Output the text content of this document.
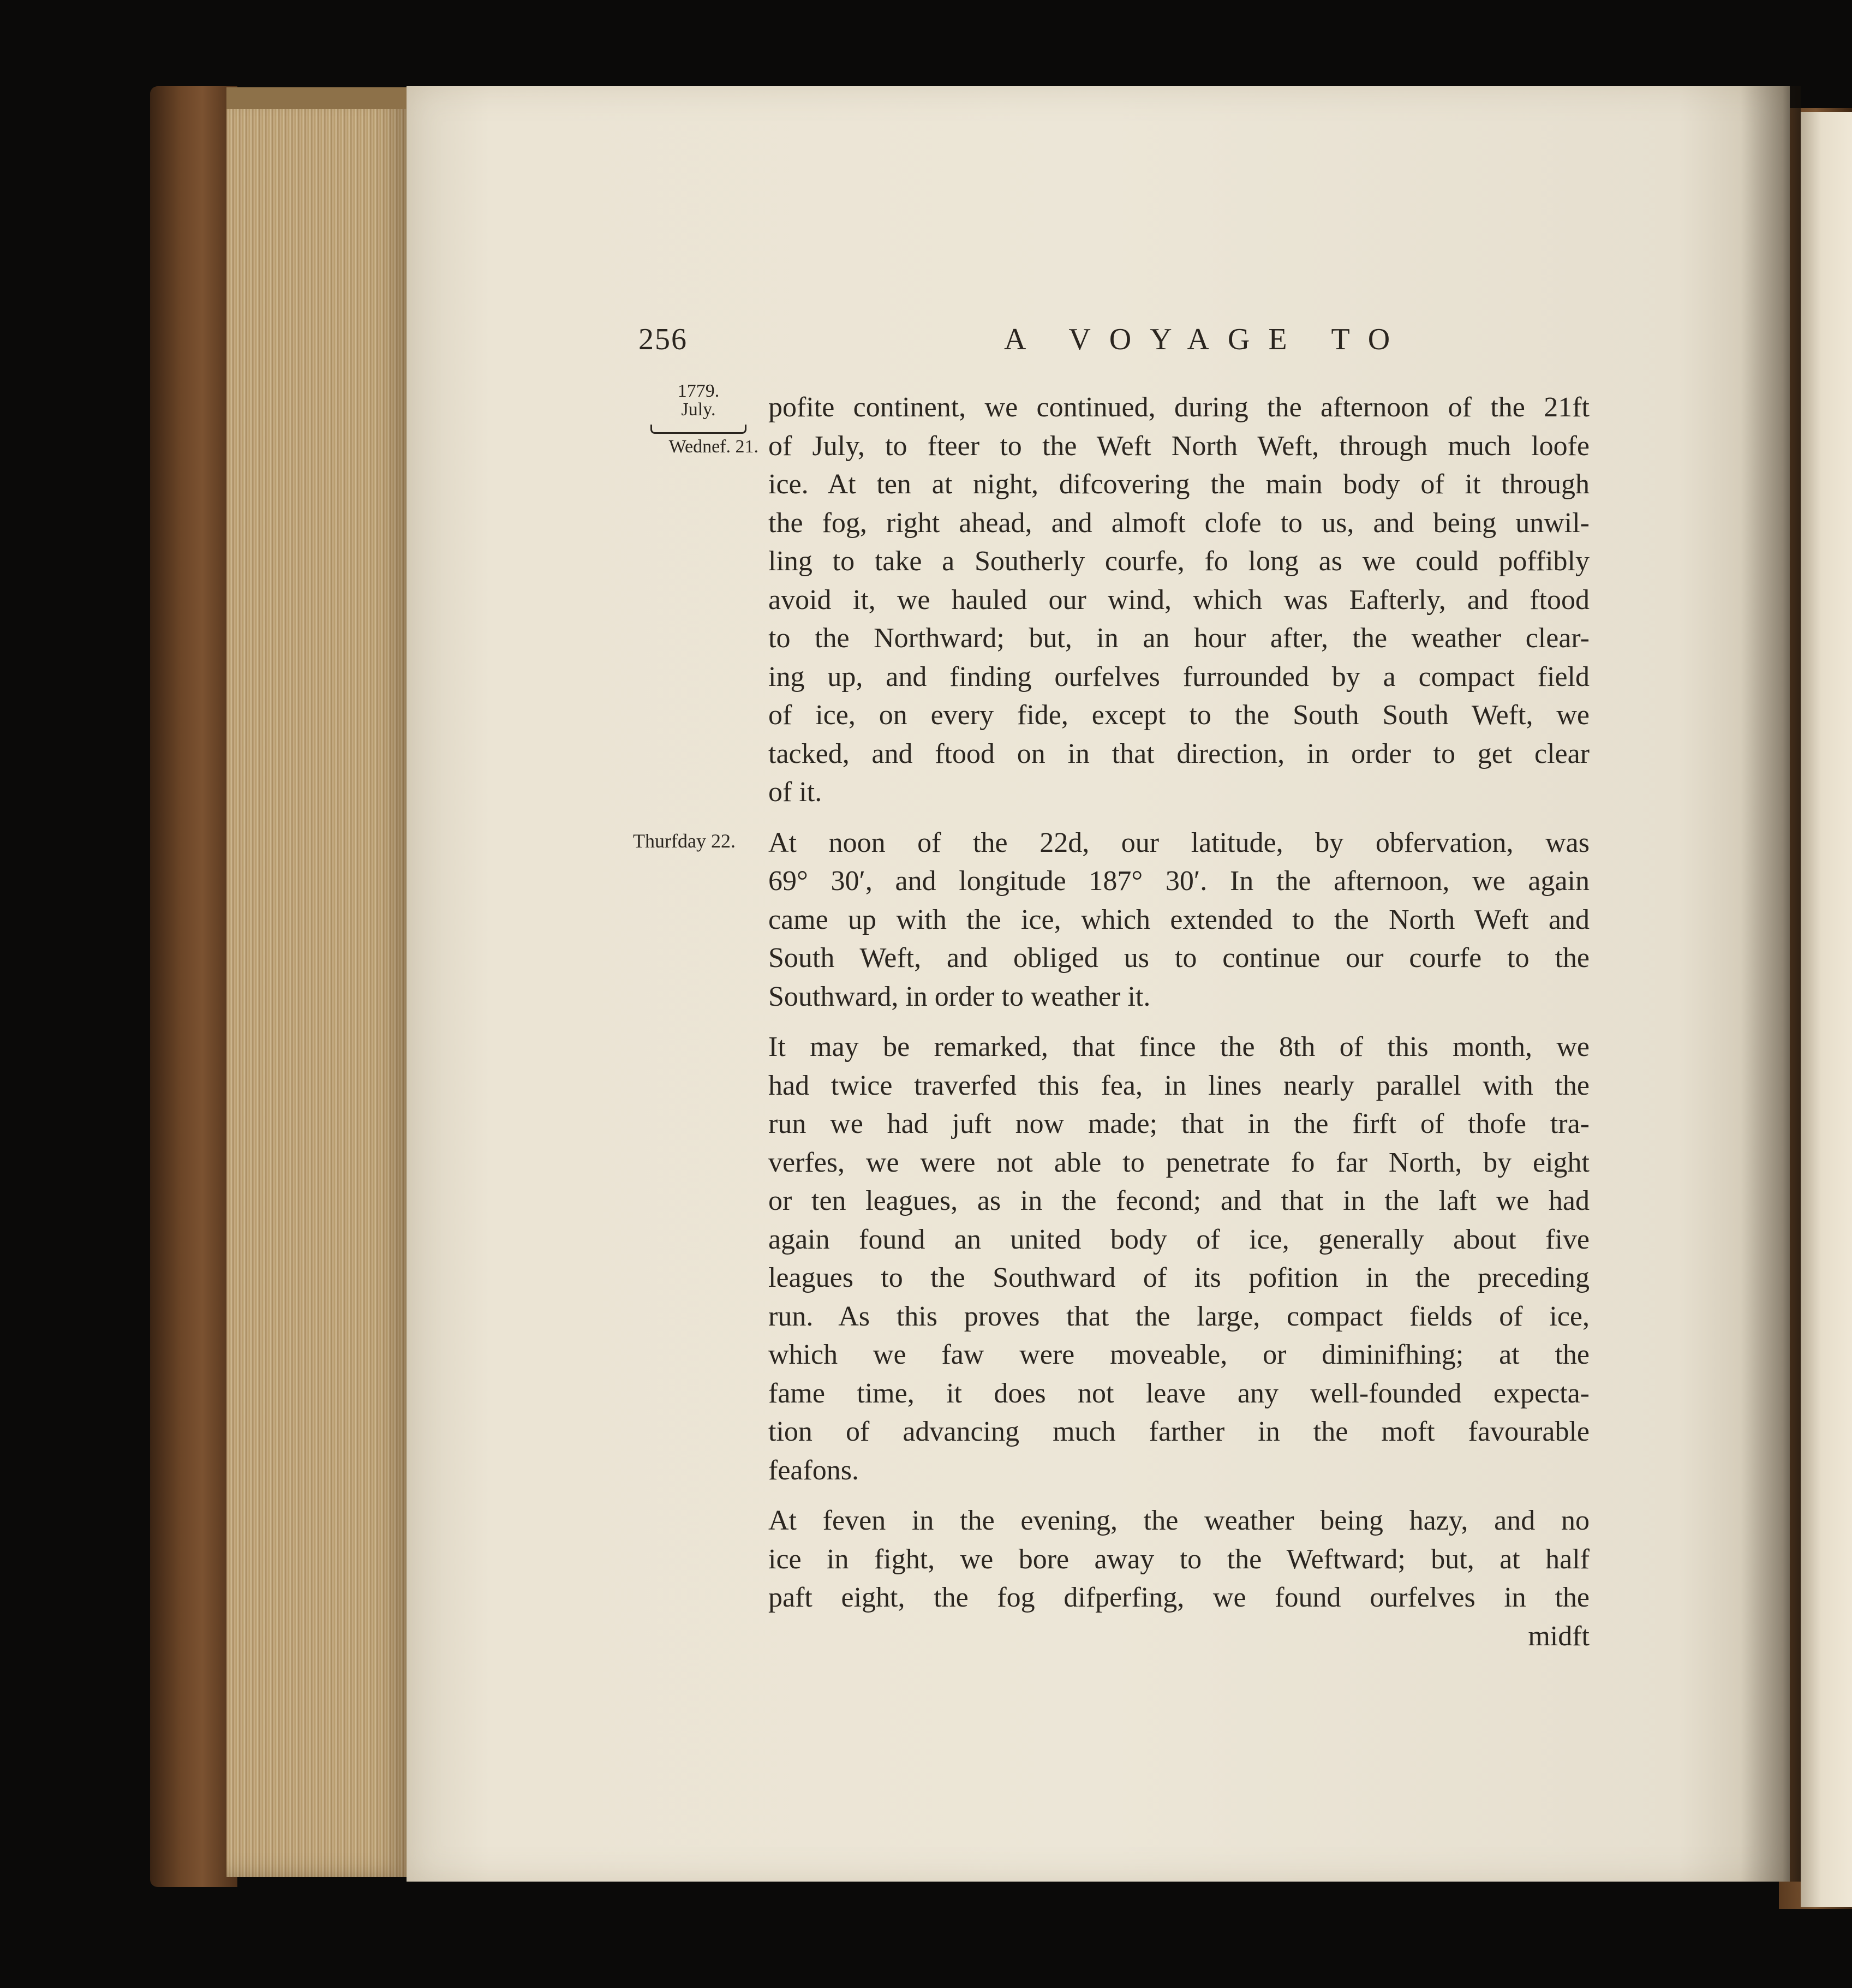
256	A VOYAGE TO
1779.
July.
Wednef. 21.
Thurfday 22.
pofite continent, we continued, during the afternoon of the 21ft
of July, to fteer to the Weft North Weft, through much loofe
ice. At ten at night, difcovering the main body of it through
the fog, right ahead, and almoft clofe to us, and being unwil-
ling to take a Southerly courfe, fo long as we could poffibly
avoid it, we hauled our wind, which was Eafterly, and ftood
to the Northward; but, in an hour after, the weather clear-
ing up, and finding ourfelves furrounded by a compact field
of ice, on every fide, except to the South South Weft, we
tacked, and ftood on in that direction, in order to get clear
of it.
At noon of the 22d, our latitude, by obfervation, was
69° 30′, and longitude 187° 30′. In the afternoon, we again
came up with the ice, which extended to the North Weft and
South Weft, and obliged us to continue our courfe to the
Southward, in order to weather it.
It may be remarked, that fince the 8th of this month, we
had twice traverfed this fea, in lines nearly parallel with the
run we had juft now made; that in the firft of thofe tra-
verfes, we were not able to penetrate fo far North, by eight
or ten leagues, as in the fecond; and that in the laft we had
again found an united body of ice, generally about five
leagues to the Southward of its pofition in the preceding
run. As this proves that the large, compact fields of ice,
which we faw were moveable, or diminifhing; at the
fame time, it does not leave any well-founded expecta-
tion of advancing much farther in the moft favourable
feafons.
At feven in the evening, the weather being hazy, and no
ice in fight, we bore away to the Weftward; but, at half
paft eight, the fog difperfing, we found ourfelves in the
midft
